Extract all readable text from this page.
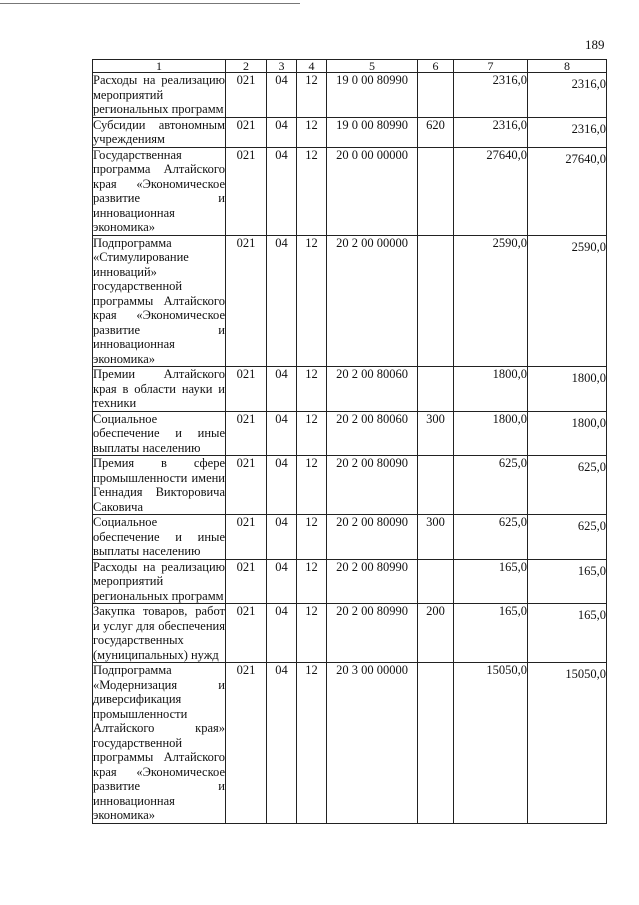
189
1	2	3	4	5	6	7	8
Расходы на реализацию мероприятий региональных программ	021	04	12	19 0 00 80990		2316,0	2316,0
Субсидии автономным учреждениям	021	04	12	19 0 00 80990	620	2316,0	2316,0
Государственная программа Алтайского края «Экономическое развитие и инновационная экономика»	021	04	12	20 0 00 00000		27640,0	27640,0
Подпрограмма «Стимулирование инноваций» государственной программы Алтайского края «Экономическое развитие и инновационная экономика»	021	04	12	20 2 00 00000		2590,0	2590,0
Премии Алтайского края в области науки и техники	021	04	12	20 2 00 80060		1800,0	1800,0
Социальное обеспечение и иные выплаты населению	021	04	12	20 2 00 80060	300	1800,0	1800,0
Премия в сфере промышленности имени Геннадия Викторовича Саковича	021	04	12	20 2 00 80090		625,0	625,0
Социальное обеспечение и иные выплаты населению	021	04	12	20 2 00 80090	300	625,0	625,0
Расходы на реализацию мероприятий региональных программ	021	04	12	20 2 00 80990		165,0	165,0
Закупка товаров, работ и услуг для обеспечения государственных (муниципальных) нужд	021	04	12	20 2 00 80990	200	165,0	165,0
Подпрограмма «Модернизация и диверсификация промышленности Алтайского края» государственной программы Алтайского края «Экономическое развитие и инновационная экономика»	021	04	12	20 3 00 00000		15050,0	15050,0
